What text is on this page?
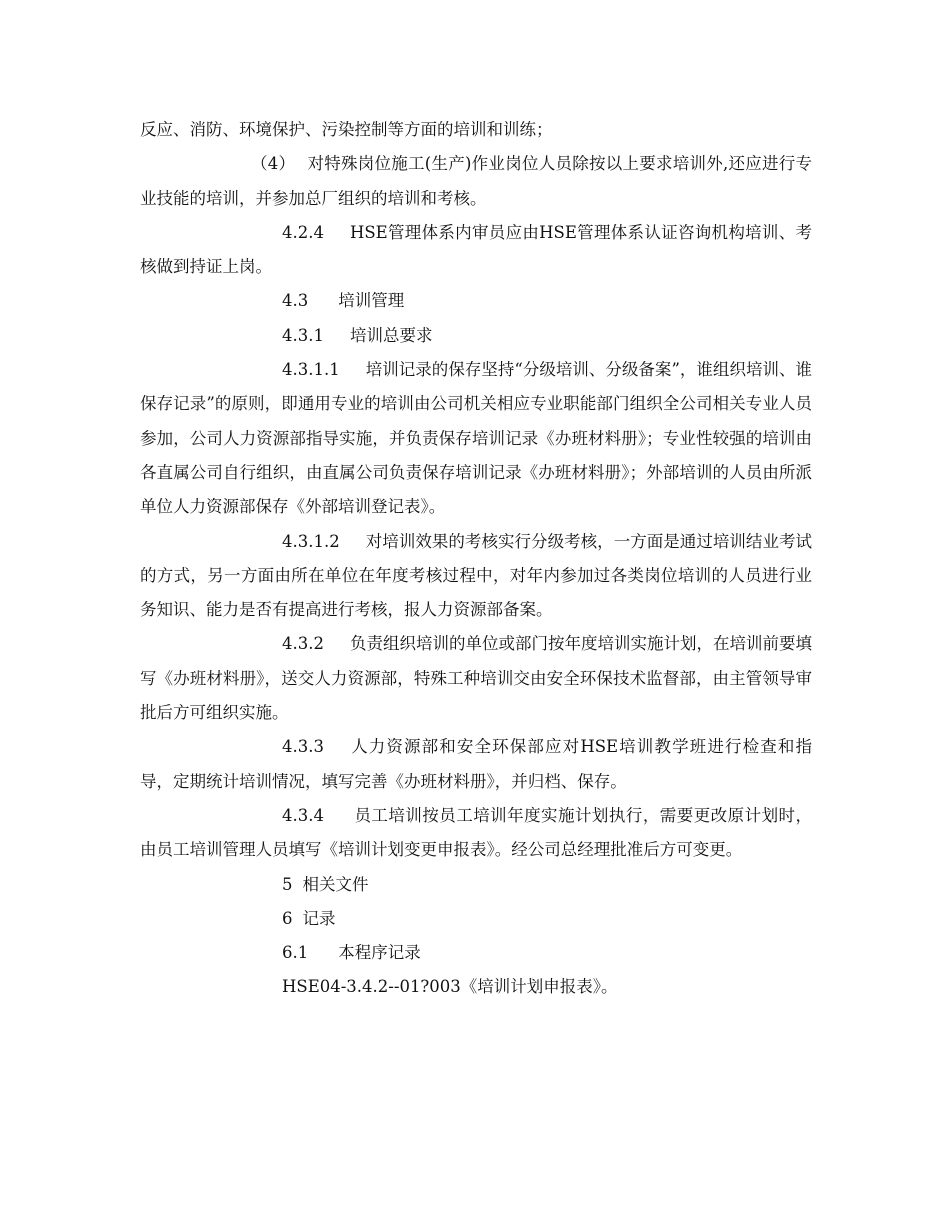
反应、消防、环境保护、污染控制等方面的培训和训练；

（4） 对特殊岗位施工(生产)作业岗位人员除按以上要求培训外,还应进行专业技能的培训，并参加总厂组织的培训和考核。

4.2.4 HSE管理体系内审员应由HSE管理体系认证咨询机构培训、考核做到持证上岗。

4.3 培训管理

4.3.1 培训总要求

4.3.1.1 培训记录的保存坚持“分级培训、分级备案”，谁组织培训、谁保存记录”的原则，即通用专业的培训由公司机关相应专业职能部门组织全公司相关专业人员参加，公司人力资源部指导实施，并负责保存培训记录《办班材料册》；专业性较强的培训由各直属公司自行组织，由直属公司负责保存培训记录《办班材料册》；外部培训的人员由所派单位人力资源部保存《外部培训登记表》。

4.3.1.2 对培训效果的考核实行分级考核，一方面是通过培训结业考试的方式，另一方面由所在单位在年度考核过程中，对年内参加过各类岗位培训的人员进行业务知识、能力是否有提高进行考核，报人力资源部备案。

4.3.2 负责组织培训的单位或部门按年度培训实施计划，在培训前要填写《办班材料册》，送交人力资源部，特殊工种培训交由安全环保技术监督部，由主管领导审批后方可组织实施。

4.3.3 人力资源部和安全环保部应对HSE培训教学班进行检查和指导，定期统计培训情况，填写完善《办班材料册》，并归档、保存。

4.3.4 员工培训按员工培训年度实施计划执行，需要更改原计划时，由员工培训管理人员填写《培训计划变更申报表》。经公司总经理批准后方可变更。

5 相关文件

6 记录

6.1 本程序记录

HSE04-3.4.2--01?003《培训计划申报表》。
